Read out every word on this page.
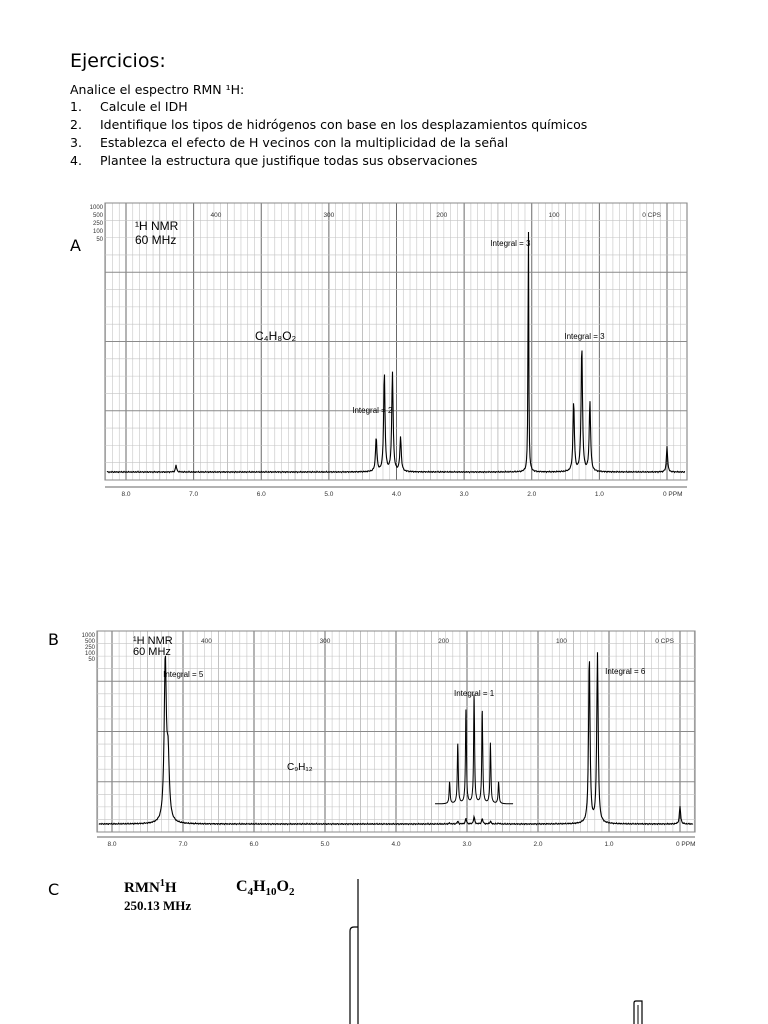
Ejercicios:
Analice el espectro RMN ¹H:
1. Calcule el IDH
2. Identifique los tipos de hidrógenos con base en los desplazamientos químicos
3. Establezca el efecto de H vecinos con la multiplicidad de la señal
4. Plantee la estructura que justifique todas sus observaciones
A
1000
500
250
100
50
400	300	200	100	0 CPS
8.0	7.0	6.0	5.0	4.0	3.0	2.0	1.0	0 PPM
¹H NMR
60 MHz
C₄H₈O₂
Integral = 3
Integral = 3
Integral = 2
B	1000
500
250
100
50
400	300	200	100	0 CPS
8.0	7.0	6.0	5.0	4.0	3.0	2.0	1.0	0 PPM
¹H NMR
60 MHz
C₉H₁₂
Integral = 5
Integral = 1
Integral = 6
C	RMN$^1$H
250.13 MHz
$C_4H_{10}O_2$
